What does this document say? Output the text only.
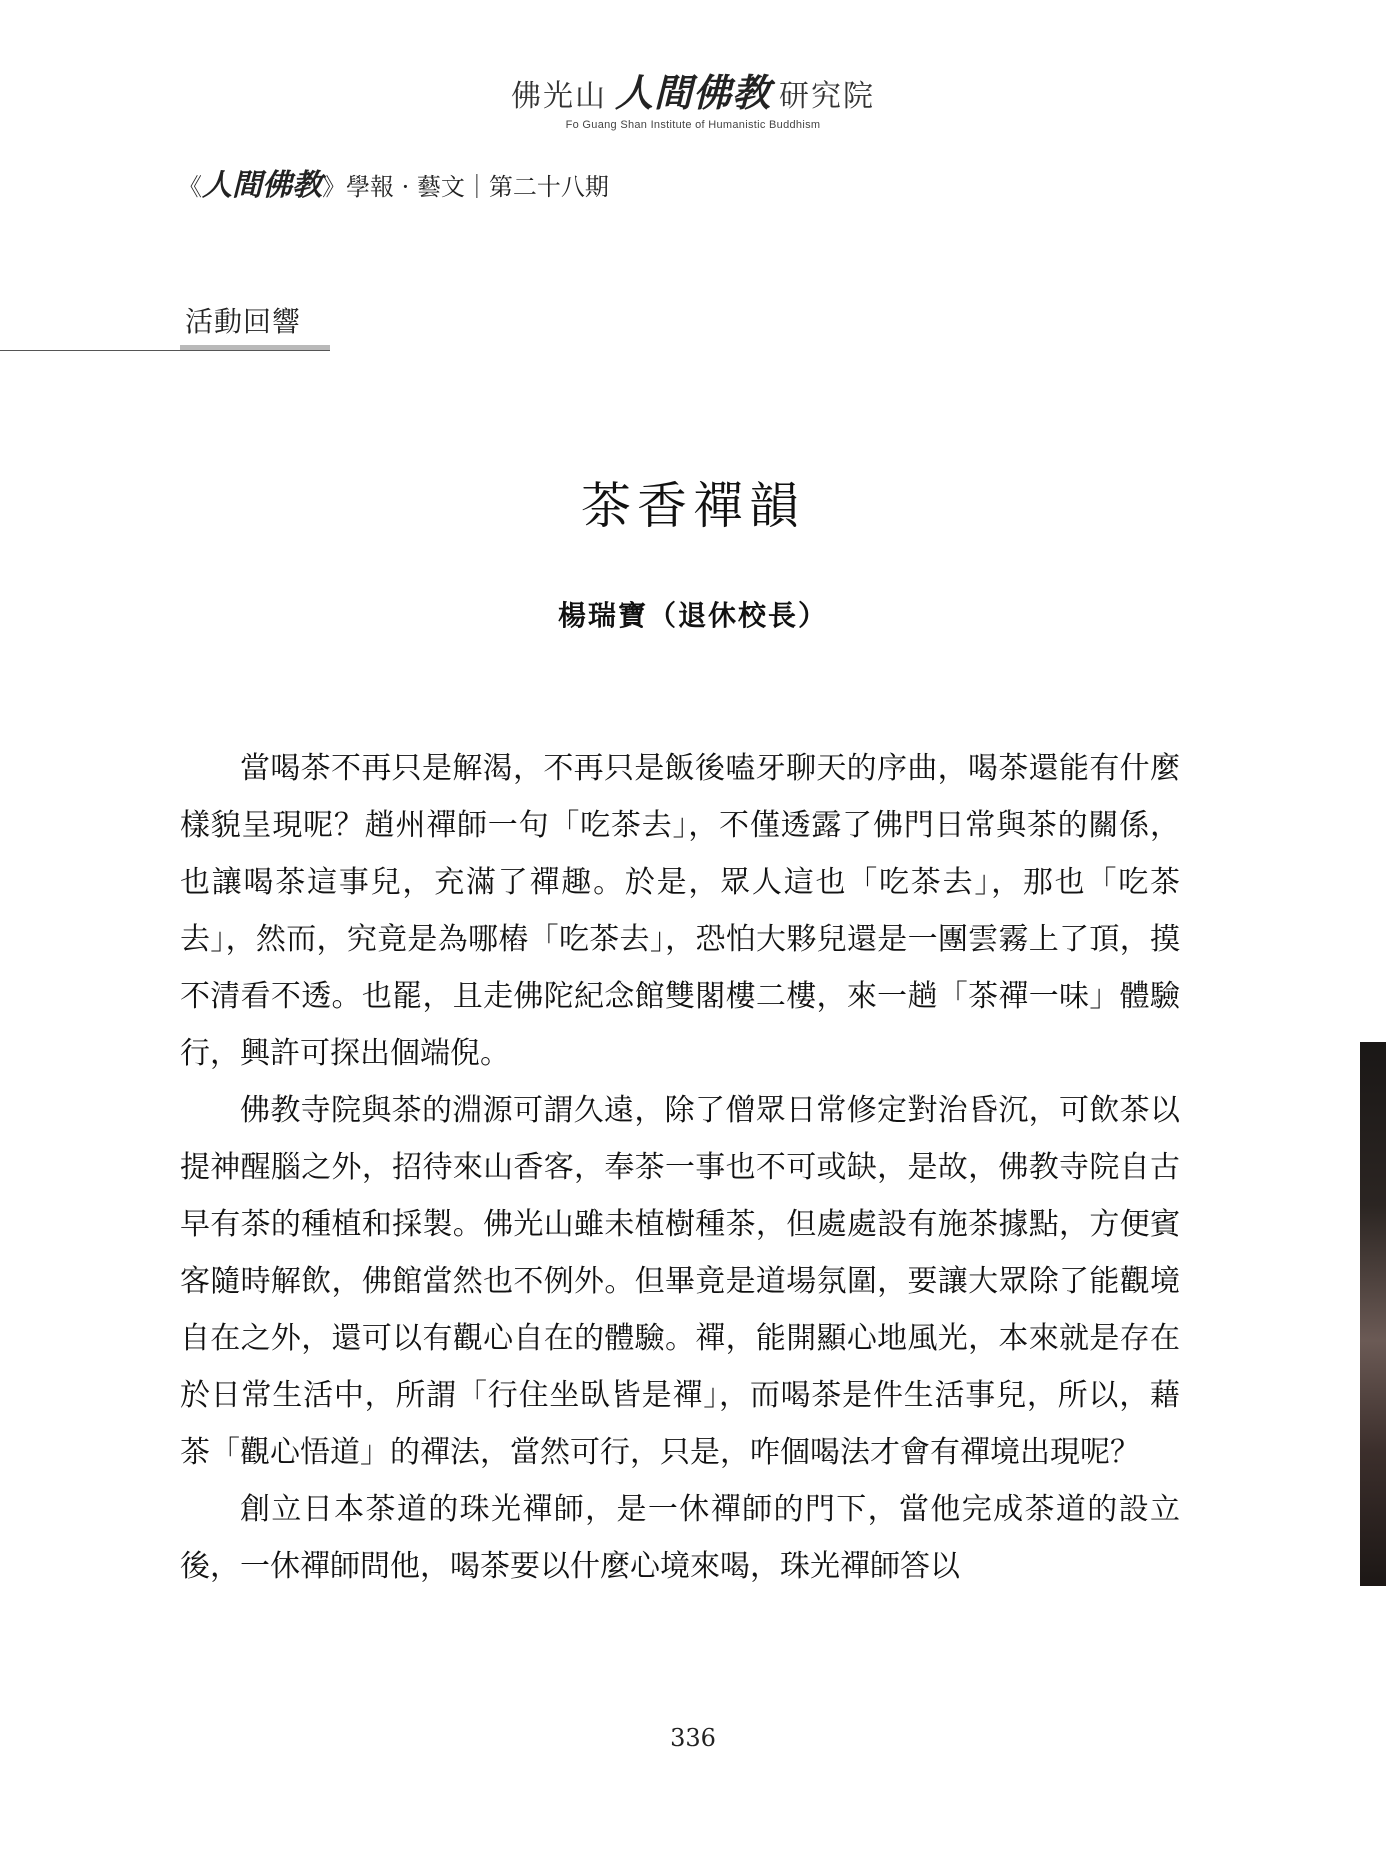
佛光山 人間佛教 研究院
Fo Guang Shan Institute of Humanistic Buddhism
《人間佛教》學報 · 藝文｜第二十八期
活動回響
茶香禪韻
楊瑞寶（退休校長）

當喝茶不再只是解渴，不再只是飯後嗑牙聊天的序曲，喝茶還能有什麼樣貌呈現呢？趙州禪師一句「吃茶去」，不僅透露了佛門日常與茶的關係，也讓喝茶這事兒，充滿了禪趣。於是，眾人這也「吃茶去」，那也「吃茶去」，然而，究竟是為哪樁「吃茶去」，恐怕大夥兒還是一團雲霧上了頂，摸不清看不透。也罷，且走佛陀紀念館雙閣樓二樓，來一趟「茶禪一味」體驗行，興許可探出個端倪。

佛教寺院與茶的淵源可謂久遠，除了僧眾日常修定對治昏沉，可飲茶以提神醒腦之外，招待來山香客，奉茶一事也不可或缺，是故，佛教寺院自古早有茶的種植和採製。佛光山雖未植樹種茶，但處處設有施茶據點，方便賓客隨時解飲，佛館當然也不例外。但畢竟是道場氛圍，要讓大眾除了能觀境自在之外，還可以有觀心自在的體驗。禪，能開顯心地風光，本來就是存在於日常生活中，所謂「行住坐臥皆是禪」，而喝茶是件生活事兒，所以，藉茶「觀心悟道」的禪法，當然可行，只是，咋個喝法才會有禪境出現呢？

創立日本茶道的珠光禪師，是一休禪師的門下，當他完成茶道的設立後，一休禪師問他，喝茶要以什麼心境來喝，珠光禪師答以

336
